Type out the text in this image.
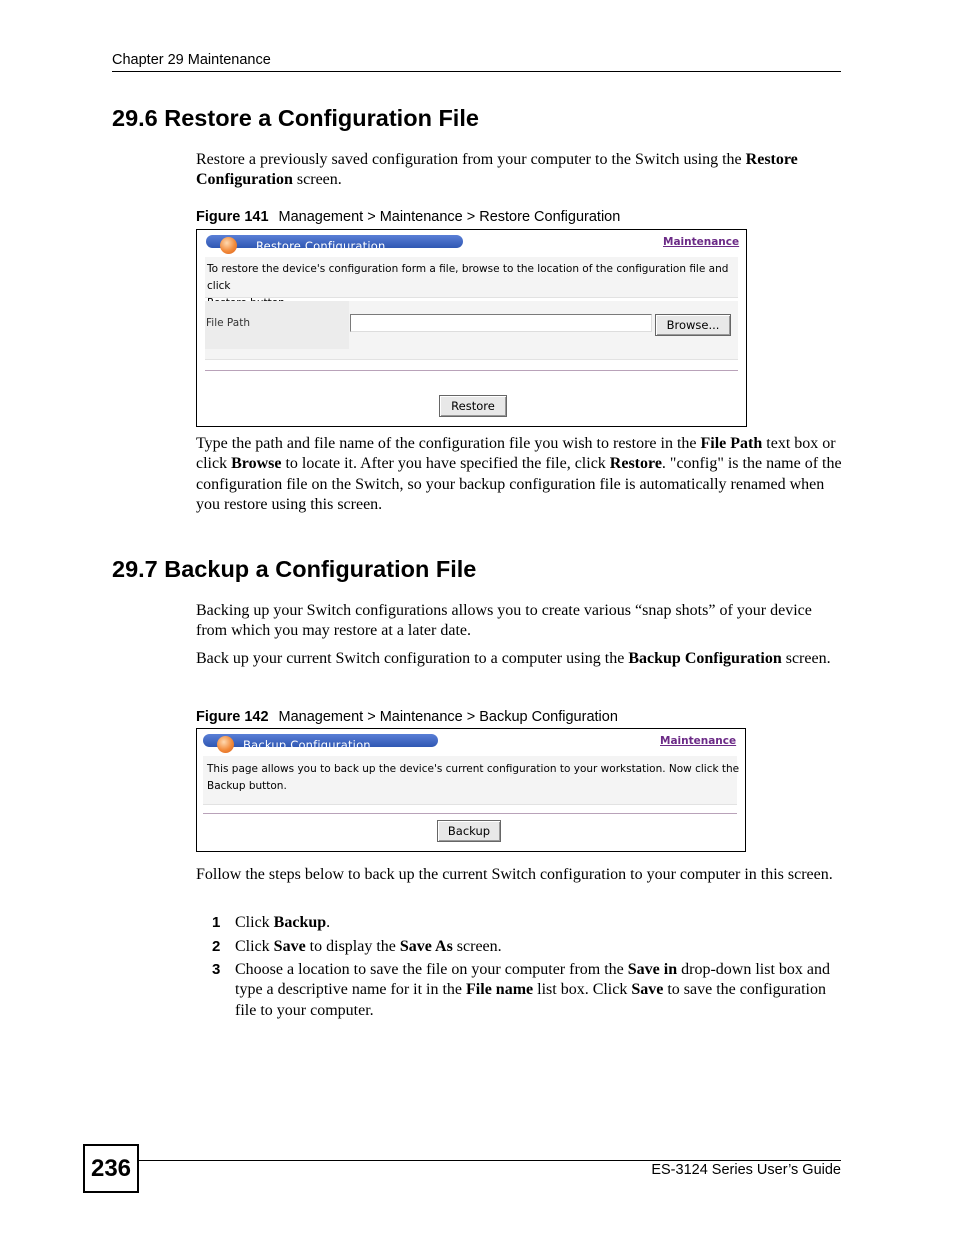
Chapter 29 Maintenance
29.6 Restore a Configuration File

Restore a previously saved configuration from your computer to the Switch using the Restore Configuration screen.

Figure 141 Management > Maintenance > Restore Configuration
Restore Configuration	Maintenance
To restore the device's configuration form a file, browse to the location of the configuration file and click
File Path	Browse...
Restore

Type the path and file name of the configuration file you wish to restore in the File Path text box or click Browse to locate it. After you have specified the file, click Restore. "config" is the name of the configuration file on the Switch, so your backup configuration file is automatically renamed when you restore using this screen.

29.7 Backup a Configuration File

Backing up your Switch configurations allows you to create various “snap shots” of your device from which you may restore at a later date.

Back up your current Switch configuration to a computer using the Backup Configuration screen.

Figure 142 Management > Maintenance > Backup Configuration
Backup Configuration	Maintenance
This page allows you to back up the device's current configuration to your workstation. Now click the
Backup button.
Backup

Follow the steps below to back up the current Switch configuration to your computer in this screen.

1 Click Backup.
2 Click Save to display the Save As screen.
3 Choose a location to save the file on your computer from the Save in drop-down list box and type a descriptive name for it in the File name list box. Click Save to save the configuration file to your computer.
236	ES-3124 Series User’s Guide
